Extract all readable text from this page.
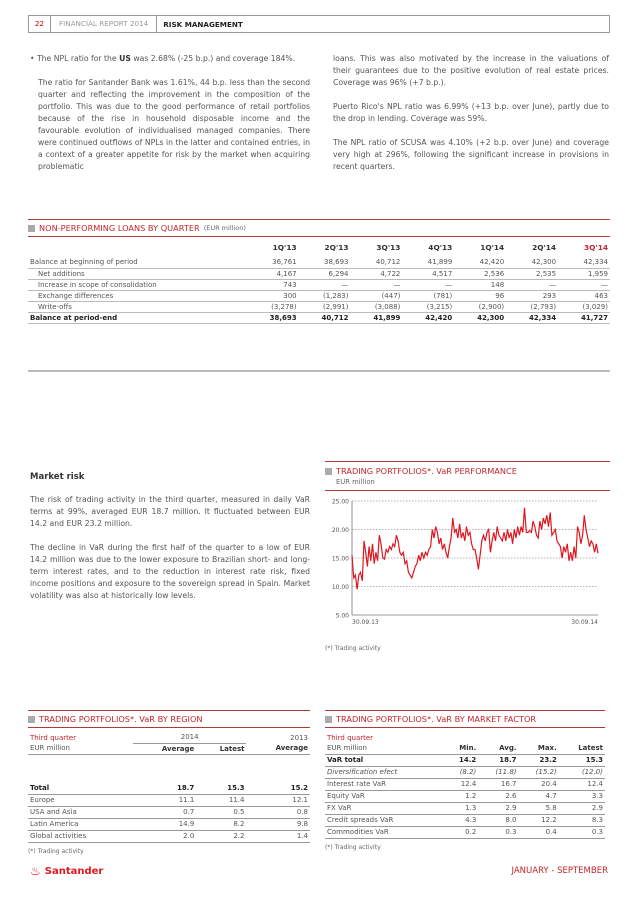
22	FINANCIAL REPORT 2014	RISK MANAGEMENT

• The NPL ratio for the US was 2.68% (-25 b.p.) and coverage 184%.

The ratio for Santander Bank was 1.61%, 44 b.p. less than the second quarter and reflecting the improvement in the composition of the portfolio. This was due to the good performance of retail portfolios because of the rise in household disposable income and the favourable evolution of individualised managed companies. There were continued outflows of NPLs in the latter and contained entries, in a context of a greater appetite for risk by the market when acquiring problematic

loans. This was also motivated by the increase in the valuations of their guarantees due to the positive evolution of real estate prices. Coverage was 96% (+7 b.p.).

Puerto Rico's NPL ratio was 6.99% (+13 b.p. over June), partly due to the drop in lending. Coverage was 59%.

The NPL ratio of SCUSA was 4.10% (+2 b.p. over June) and coverage very high at 296%, following the significant increase in provisions in recent quarters.

NON-PERFORMING LOANS BY QUARTER (EUR million)
	1Q'13	2Q'13	3Q'13	4Q'13	1Q'14	2Q'14	3Q'14
Balance at beginning of period	36,761	38,693	40,712	41,899	42,420	42,300	42,334
Net additions	4,167	6,294	4,722	4,517	2,536	2,535	1,959
Increase in scope of consolidation	743	—	—	—	148	—	—
Exchange differences	300	(1,283)	(447)	(781)	96	293	463
Write-offs	(3,278)	(2,991)	(3,088)	(3,215)	(2,900)	(2,793)	(3,029)
Balance at period-end	38,693	40,712	41,899	42,420	42,300	42,334	41,727
Market risk

The risk of trading activity in the third quarter, measured in daily VaR terms at 99%, averaged EUR 18.7 million. It fluctuated between EUR 14.2 and EUR 23.2 million.

The decline in VaR during the first half of the quarter to a low of EUR 14.2 million was due to the lower exposure to Brazilian short- and long-term interest rates, and to the reduction in interest rate risk, fixed income positions and exposure to the sovereign spread in Spain. Market volatility was also at historically low levels.

TRADING PORTFOLIOS*. VaR PERFORMANCE
EUR million
25.00
20.00
15.00
10.00
5.00
30.09.13	30.09.14
(*) Trading activity
TRADING PORTFOLIOS*. VaR BY REGION
Third quarter	2014		2013
EUR million	Average	Latest	Average

Total	18.7	15.3	15.2
Europe	11.1	11.4	12.1
USA and Asia	0.7	0.5	0.8
Latin America	14.9	8.2	9.8
Global activities	2.0	2.2	1.4
(*) Trading activity
TRADING PORTFOLIOS*. VaR BY MARKET FACTOR
Third quarter				
EUR million	Min.	Avg.	Max.	Latest
VaR total	14.2	18.7	23.2	15.3
Diversification efect	(8.2)	(11.8)	(15.2)	(12.0)
Interest rate VaR	12.4	16.7	20.4	12.4
Equity VaR	1.2	2.6	4.7	3.3
FX VaR	1.3	2.9	5.8	2.9
Credit spreads VaR	4.3	8.0	12.2	8.3
Commodities VaR	0.2	0.3	0.4	0.3
(*) Trading activity
♨ Santander	JANUARY - SEPTEMBER
